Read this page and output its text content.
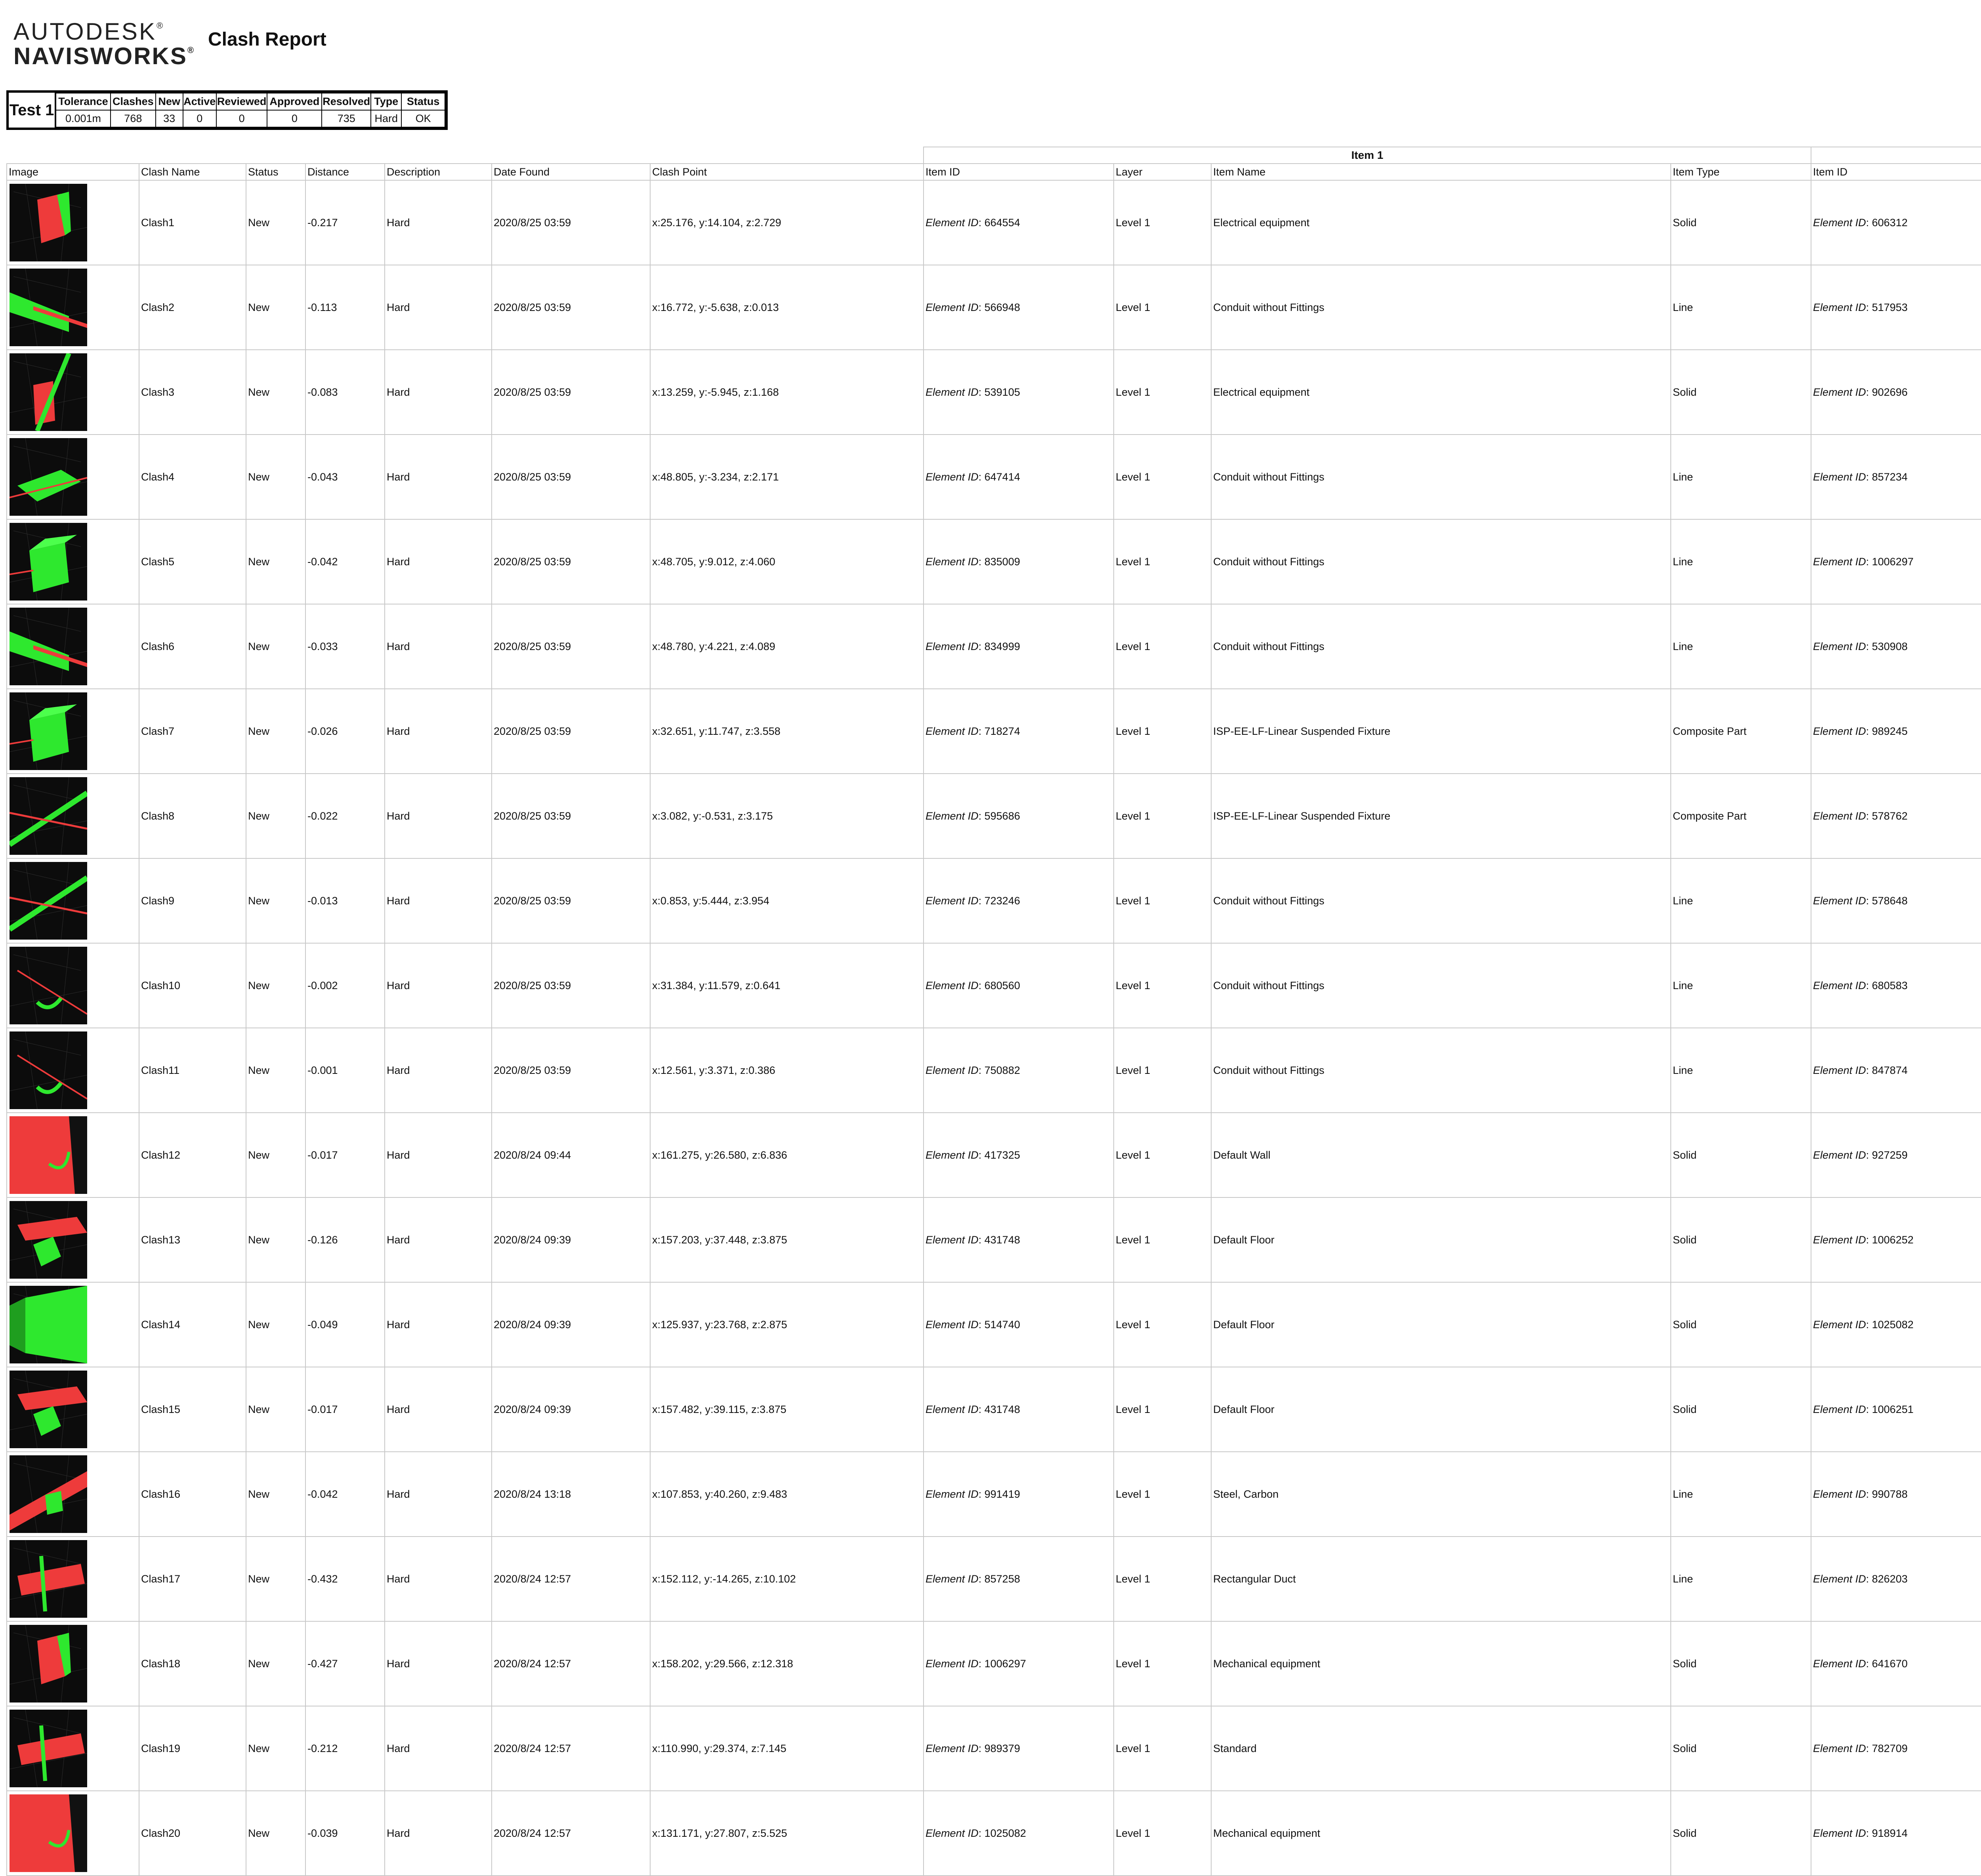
AUTODESK®
NAVISWORKS®
Clash Report
Test 1 Tolerance	Clashes	New	Active	Reviewed	Approved	Resolved	Type	Status
0.001m	768	33	0	0	0	735	Hard	OK
							Item 1	
Image	Clash Name	Status	Distance	Description	Date Found	Clash Point	Item ID	Layer	Item Name	Item Type	Item ID			

	Clash1	New	-0.217	Hard	2020/8/25 03:59	x:25.176, y:14.104, z:2.729	Element ID: 664554	Level 1	Electrical equipment	Solid	Element ID: 606312			

	Clash2	New	-0.113	Hard	2020/8/25 03:59	x:16.772, y:-5.638, z:0.013	Element ID: 566948	Level 1	Conduit without Fittings	Line	Element ID: 517953			

	Clash3	New	-0.083	Hard	2020/8/25 03:59	x:13.259, y:-5.945, z:1.168	Element ID: 539105	Level 1	Electrical equipment	Solid	Element ID: 902696			

	Clash4	New	-0.043	Hard	2020/8/25 03:59	x:48.805, y:-3.234, z:2.171	Element ID: 647414	Level 1	Conduit without Fittings	Line	Element ID: 857234			

	Clash5	New	-0.042	Hard	2020/8/25 03:59	x:48.705, y:9.012, z:4.060	Element ID: 835009	Level 1	Conduit without Fittings	Line	Element ID: 1006297			

	Clash6	New	-0.033	Hard	2020/8/25 03:59	x:48.780, y:4.221, z:4.089	Element ID: 834999	Level 1	Conduit without Fittings	Line	Element ID: 530908			

	Clash7	New	-0.026	Hard	2020/8/25 03:59	x:32.651, y:11.747, z:3.558	Element ID: 718274	Level 1	ISP-EE-LF-Linear Suspended Fixture	Composite Part	Element ID: 989245			

	Clash8	New	-0.022	Hard	2020/8/25 03:59	x:3.082, y:-0.531, z:3.175	Element ID: 595686	Level 1	ISP-EE-LF-Linear Suspended Fixture	Composite Part	Element ID: 578762			

	Clash9	New	-0.013	Hard	2020/8/25 03:59	x:0.853, y:5.444, z:3.954	Element ID: 723246	Level 1	Conduit without Fittings	Line	Element ID: 578648			

	Clash10	New	-0.002	Hard	2020/8/25 03:59	x:31.384, y:11.579, z:0.641	Element ID: 680560	Level 1	Conduit without Fittings	Line	Element ID: 680583			

	Clash11	New	-0.001	Hard	2020/8/25 03:59	x:12.561, y:3.371, z:0.386	Element ID: 750882	Level 1	Conduit without Fittings	Line	Element ID: 847874			

	Clash12	New	-0.017	Hard	2020/8/24 09:44	x:161.275, y:26.580, z:6.836	Element ID: 417325	Level 1	Default Wall	Solid	Element ID: 927259			

	Clash13	New	-0.126	Hard	2020/8/24 09:39	x:157.203, y:37.448, z:3.875	Element ID: 431748	Level 1	Default Floor	Solid	Element ID: 1006252			

	Clash14	New	-0.049	Hard	2020/8/24 09:39	x:125.937, y:23.768, z:2.875	Element ID: 514740	Level 1	Default Floor	Solid	Element ID: 1025082			

	Clash15	New	-0.017	Hard	2020/8/24 09:39	x:157.482, y:39.115, z:3.875	Element ID: 431748	Level 1	Default Floor	Solid	Element ID: 1006251			

	Clash16	New	-0.042	Hard	2020/8/24 13:18	x:107.853, y:40.260, z:9.483	Element ID: 991419	Level 1	Steel, Carbon	Line	Element ID: 990788			

	Clash17	New	-0.432	Hard	2020/8/24 12:57	x:152.112, y:-14.265, z:10.102	Element ID: 857258	Level 1	Rectangular Duct	Line	Element ID: 826203			

	Clash18	New	-0.427	Hard	2020/8/24 12:57	x:158.202, y:29.566, z:12.318	Element ID: 1006297	Level 1	Mechanical equipment	Solid	Element ID: 641670			

	Clash19	New	-0.212	Hard	2020/8/24 12:57	x:110.990, y:29.374, z:7.145	Element ID: 989379	Level 1	Standard	Solid	Element ID: 782709			

	Clash20	New	-0.039	Hard	2020/8/24 12:57	x:131.171, y:27.807, z:5.525	Element ID: 1025082	Level 1	Mechanical equipment	Solid	Element ID: 918914			
